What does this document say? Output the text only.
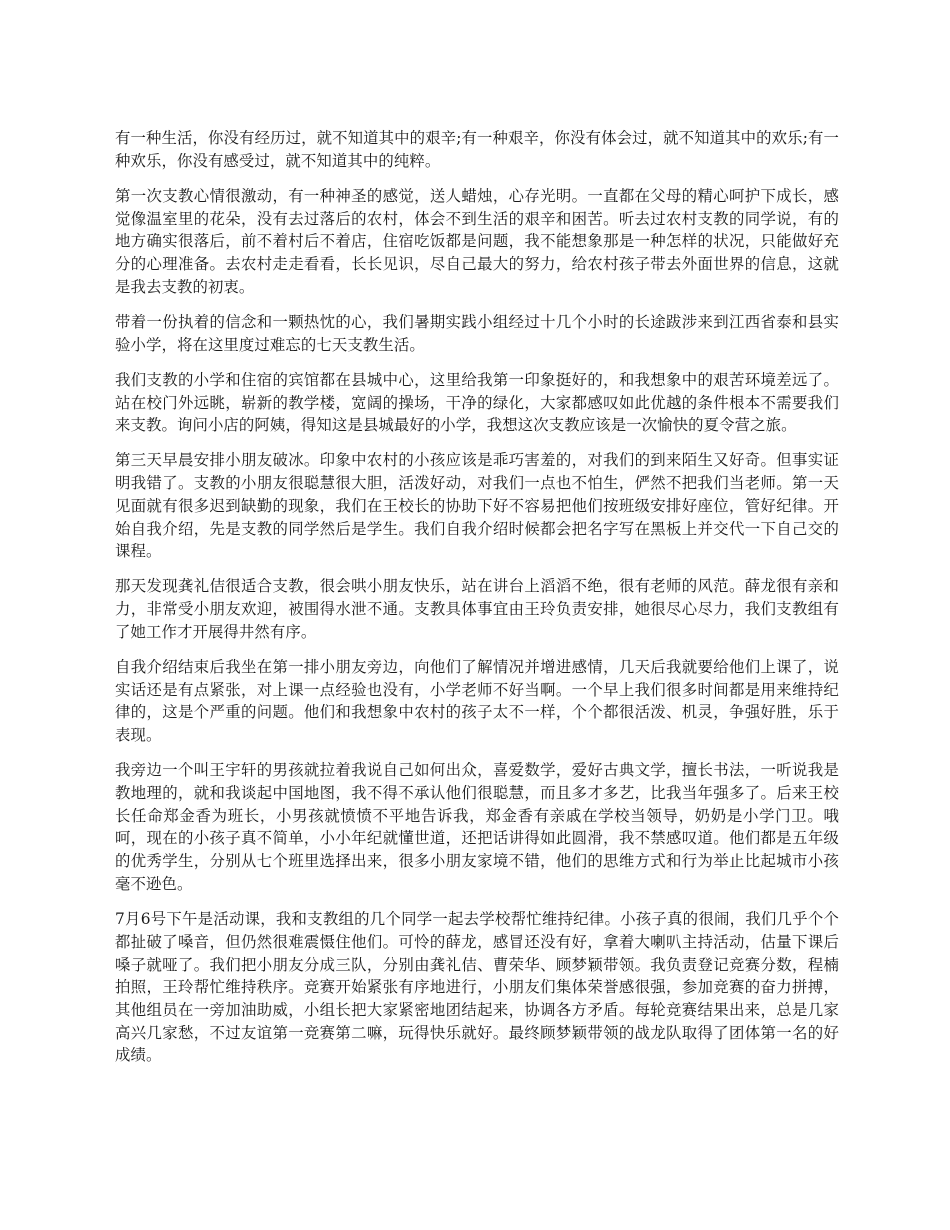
有一种生活，你没有经历过，就不知道其中的艰辛;有一种艰辛，你没有体会过，就不知道其中的欢乐;有一种欢乐，你没有感受过，就不知道其中的纯粹。

第一次支教心情很激动，有一种神圣的感觉，送人蜡烛，心存光明。一直都在父母的精心呵护下成长，感觉像温室里的花朵，没有去过落后的农村，体会不到生活的艰辛和困苦。听去过农村支教的同学说，有的地方确实很落后，前不着村后不着店，住宿吃饭都是问题，我不能想象那是一种怎样的状况，只能做好充分的心理准备。去农村走走看看，长长见识，尽自己最大的努力，给农村孩子带去外面世界的信息，这就是我去支教的初衷。

带着一份执着的信念和一颗热忱的心，我们暑期实践小组经过十几个小时的长途跋涉来到江西省泰和县实验小学，将在这里度过难忘的七天支教生活。

我们支教的小学和住宿的宾馆都在县城中心，这里给我第一印象挺好的，和我想象中的艰苦环境差远了。站在校门外远眺，崭新的教学楼，宽阔的操场，干净的绿化，大家都感叹如此优越的条件根本不需要我们来支教。询问小店的阿姨，得知这是县城最好的小学，我想这次支教应该是一次愉快的夏令营之旅。

第三天早晨安排小朋友破冰。印象中农村的小孩应该是乖巧害羞的，对我们的到来陌生又好奇。但事实证明我错了。支教的小朋友很聪慧很大胆，活泼好动，对我们一点也不怕生，俨然不把我们当老师。第一天见面就有很多迟到缺勤的现象，我们在王校长的协助下好不容易把他们按班级安排好座位，管好纪律。开始自我介绍，先是支教的同学然后是学生。我们自我介绍时候都会把名字写在黑板上并交代一下自己交的课程。

那天发现龚礼佶很适合支教，很会哄小朋友快乐，站在讲台上滔滔不绝，很有老师的风范。薛龙很有亲和力，非常受小朋友欢迎，被围得水泄不通。支教具体事宜由王玲负责安排，她很尽心尽力，我们支教组有了她工作才开展得井然有序。

自我介绍结束后我坐在第一排小朋友旁边，向他们了解情况并增进感情，几天后我就要给他们上课了，说实话还是有点紧张，对上课一点经验也没有，小学老师不好当啊。一个早上我们很多时间都是用来维持纪律的，这是个严重的问题。他们和我想象中农村的孩子太不一样，个个都很活泼、机灵，争强好胜，乐于表现。

我旁边一个叫王宇轩的男孩就拉着我说自己如何出众，喜爱数学，爱好古典文学，擅长书法，一听说我是教地理的，就和我谈起中国地图，我不得不承认他们很聪慧，而且多才多艺，比我当年强多了。后来王校长任命郑金香为班长，小男孩就愤愤不平地告诉我，郑金香有亲戚在学校当领导，奶奶是小学门卫。哦呵，现在的小孩子真不简单，小小年纪就懂世道，还把话讲得如此圆滑，我不禁感叹道。他们都是五年级的优秀学生，分别从七个班里选择出来，很多小朋友家境不错，他们的思维方式和行为举止比起城市小孩毫不逊色。

7月6号下午是活动课，我和支教组的几个同学一起去学校帮忙维持纪律。小孩子真的很闹，我们几乎个个都扯破了嗓音，但仍然很难震慑住他们。可怜的薛龙，感冒还没有好，拿着大喇叭主持活动，估量下课后嗓子就哑了。我们把小朋友分成三队，分别由龚礼佶、曹荣华、顾梦颖带领。我负责登记竞赛分数，程楠拍照，王玲帮忙维持秩序。竞赛开始紧张有序地进行，小朋友们集体荣誉感很强，参加竞赛的奋力拼搏，其他组员在一旁加油助威，小组长把大家紧密地团结起来，协调各方矛盾。每轮竞赛结果出来，总是几家高兴几家愁，不过友谊第一竞赛第二嘛，玩得快乐就好。最终顾梦颖带领的战龙队取得了团体第一名的好成绩。
